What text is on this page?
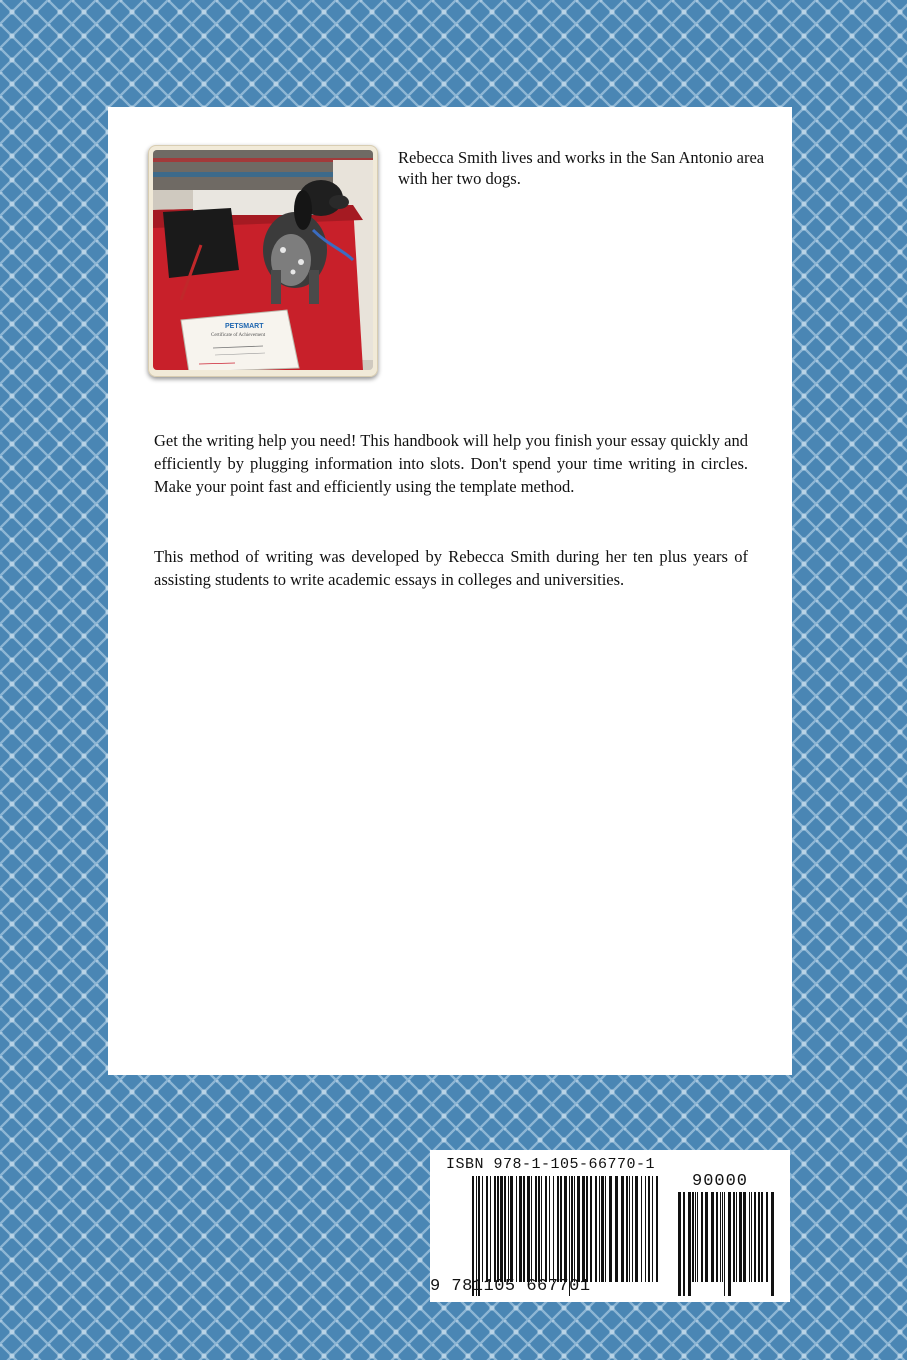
PETSMART
Certificate of Achievement
Rebecca Smith lives and works in the San Antonio area with her two dogs.

Get the writing help you need! This handbook will help you finish your essay quickly and efficiently by plugging information into slots. Don't spend your time writing in circles. Make your point fast and efficiently using the template method.

This method of writing was developed by Rebecca Smith during her ten plus years of assisting students to write academic essays in colleges and universities.

ISBN 978-1-105-66770-1
90000
9 781105 667701
